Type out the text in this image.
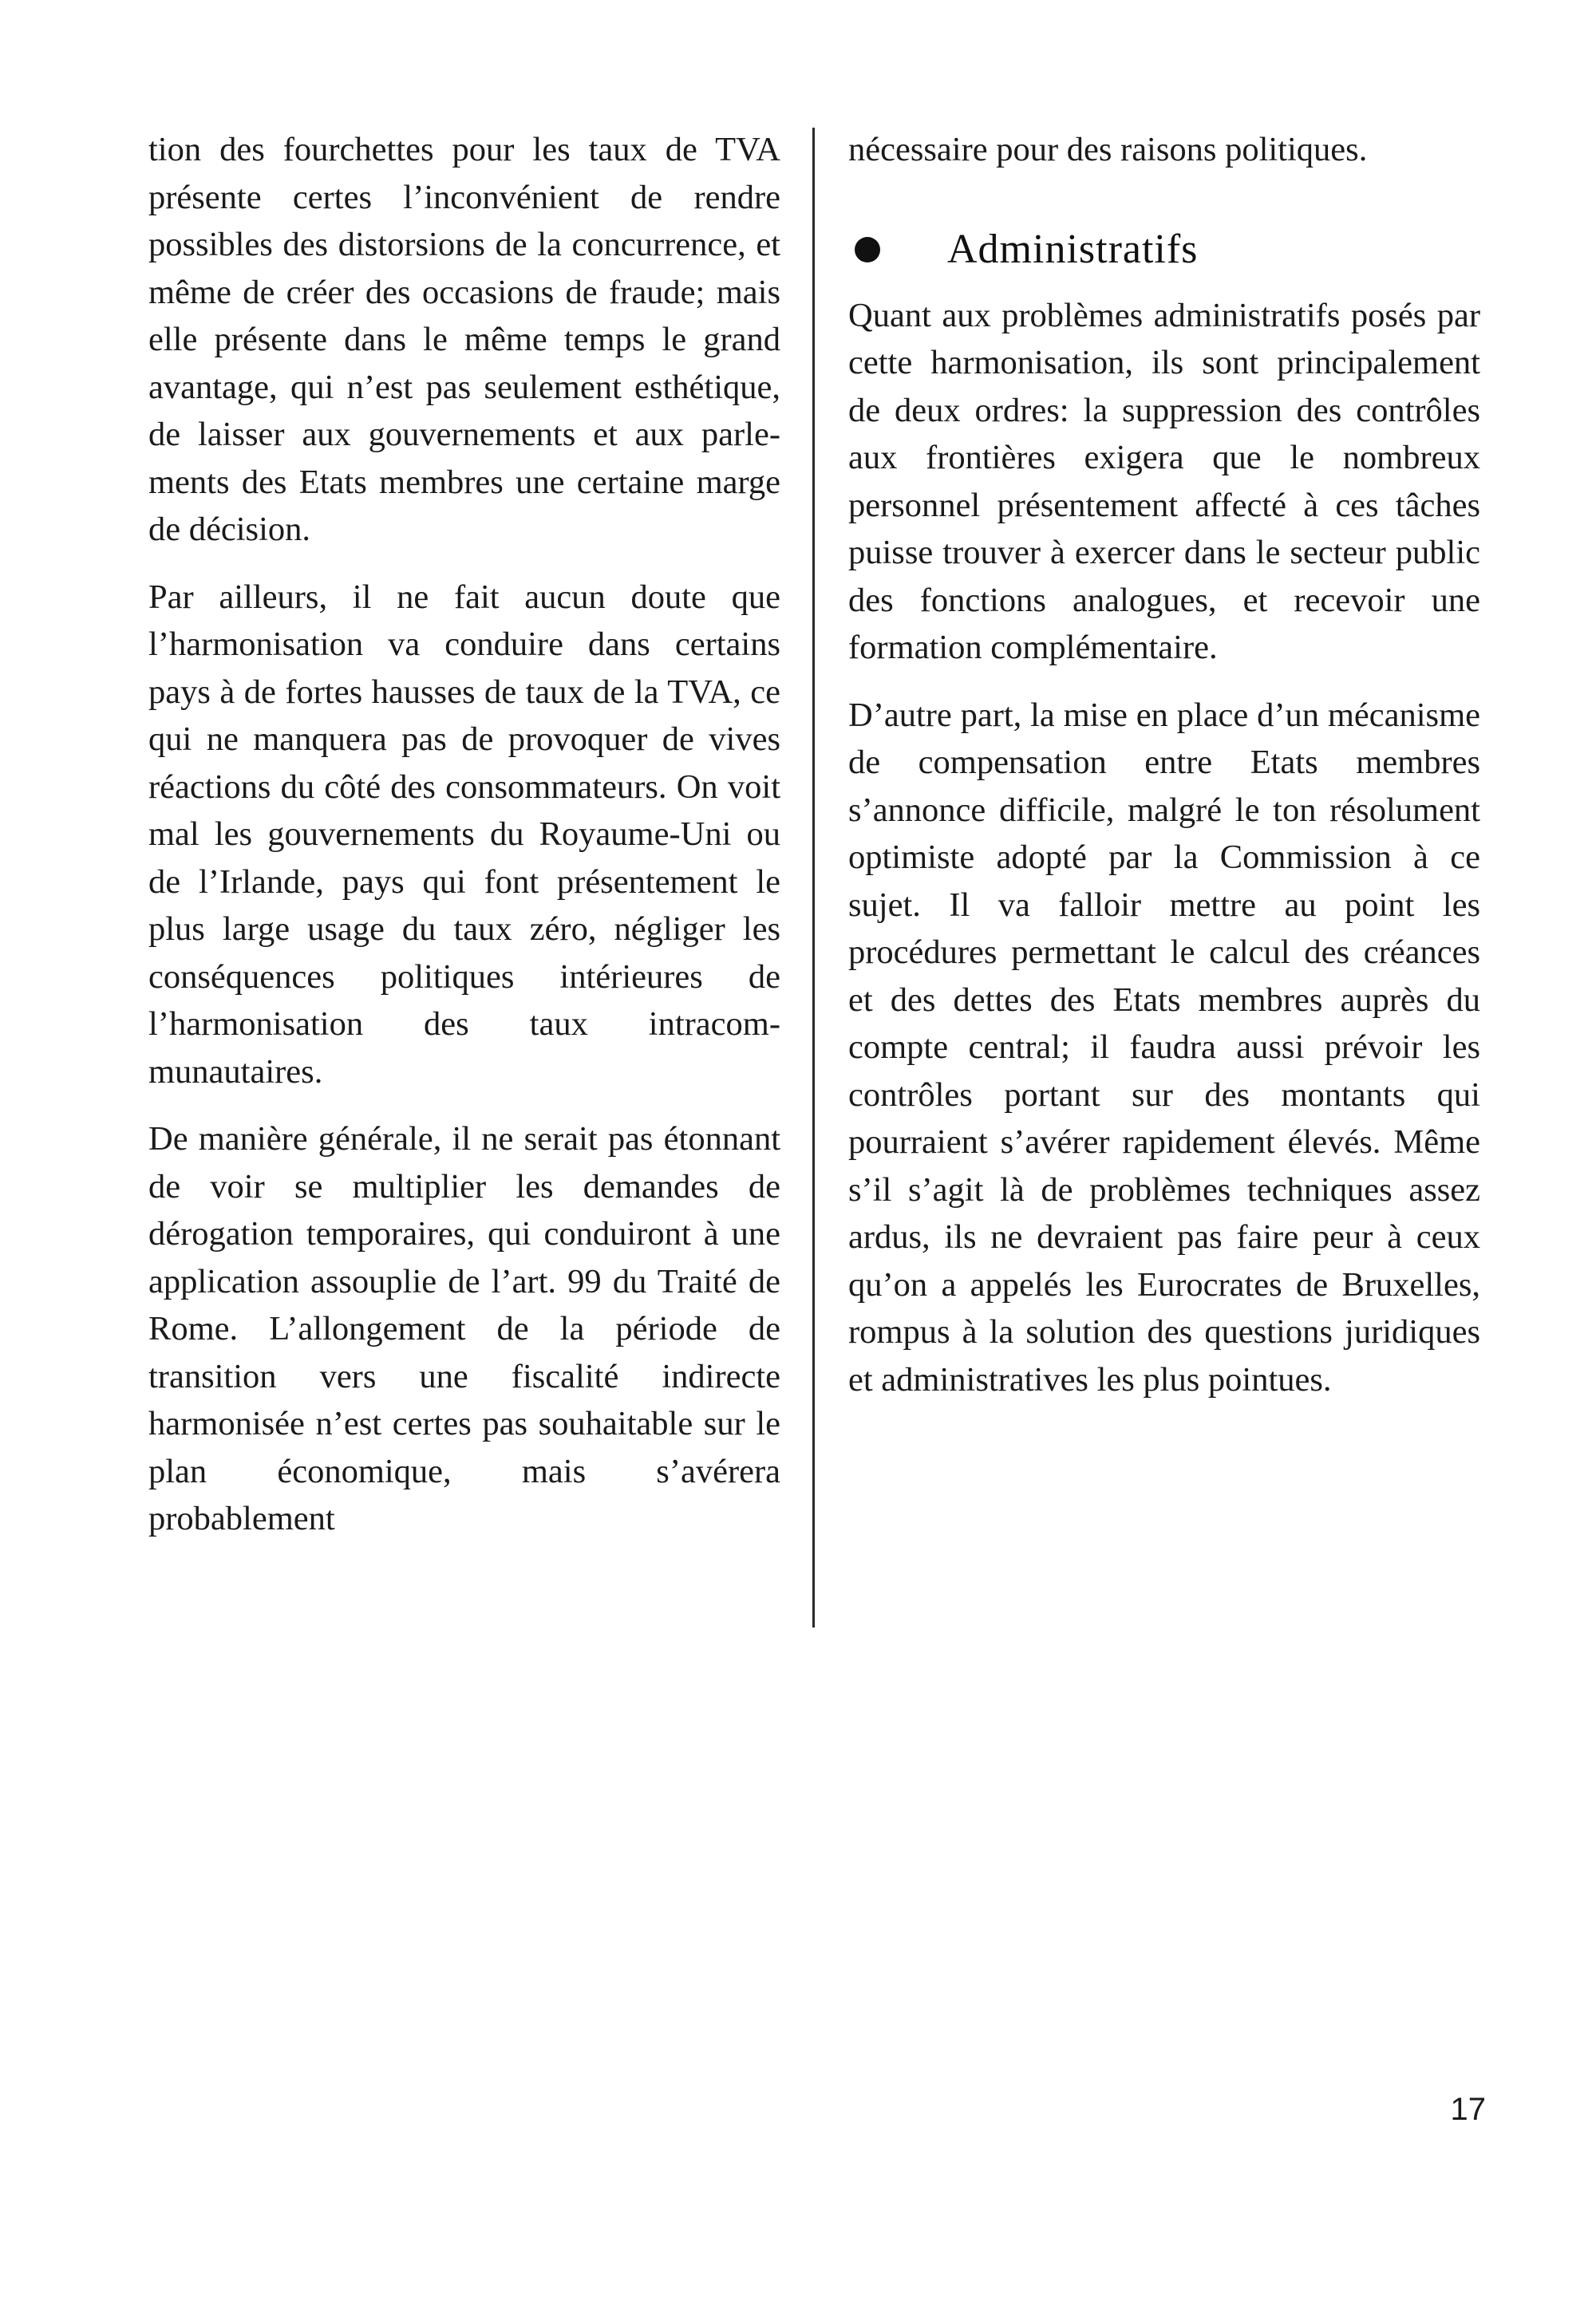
tion des fourchettes pour les taux de TVA présente certes l’inconvénient de rendre possibles des distorsions de la concurrence, et même de créer des occasions de fraude; mais elle présente dans le même temps le grand avantage, qui n’est pas seulement esthétique, de laisser aux gouvernements et aux parlements des Etats membres une certaine marge de décision.

Par ailleurs, il ne fait aucun doute que l’harmonisation va conduire dans certains pays à de fortes hausses de taux de la TVA, ce qui ne manquera pas de provoquer de vives réactions du côté des consommateurs. On voit mal les gouvernements du Royaume-Uni ou de l’Irlande, pays qui font présentement le plus large usage du taux zéro, négliger les conséquences politiques intérieures de l’harmonisation des taux intracommunautaires.

De manière générale, il ne serait pas étonnant de voir se multiplier les demandes de dérogation temporaires, qui conduiront à une application assouplie de l’art. 99 du Traité de Rome. L’allongement de la période de transition vers une fiscalité indirecte harmonisée n’est certes pas souhaitable sur le plan économique, mais s’avérera probablement

nécessaire pour des raisons politiques.

Administratifs

Quant aux problèmes administratifs posés par cette harmonisation, ils sont principalement de deux ordres: la suppression des contrôles aux frontières exigera que le nombreux personnel présentement affecté à ces tâches puisse trouver à exercer dans le secteur public des fonctions analogues, et recevoir une formation complémentaire.

D’autre part, la mise en place d’un mécanisme de compensation entre Etats membres s’annonce difficile, malgré le ton résolument optimiste adopté par la Commission à ce sujet. Il va falloir mettre au point les procédures permettant le calcul des créances et des dettes des Etats membres auprès du compte central; il faudra aussi prévoir les contrôles portant sur des montants qui pourraient s’avérer rapidement élevés. Même s’il s’agit là de problèmes techniques assez ardus, ils ne devraient pas faire peur à ceux qu’on a appelés les Eurocrates de Bruxelles, rompus à la solution des questions juridiques et administratives les plus pointues.

17
